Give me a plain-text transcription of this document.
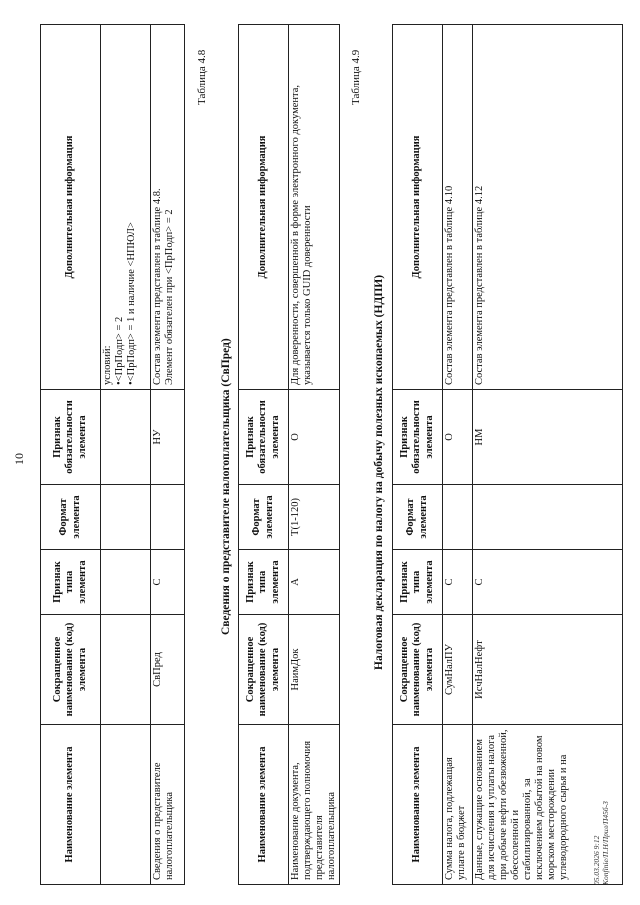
10
Наименование элемента	Сокращенное наименование (код) элемента	Признак типа элемента	Формат элемента	Признак обязательности элемента	Дополнительная информация

					условий: • <ПрПодп> = 2 • <ПрПодп> = 1 и наличие <НПЮЛ>

Сведения о представителе налогоплательщика	СвПред	С		НУ	Состав элемента представлен в таблице 4.8. Элемент обязателен при <ПрПодп> = 2
Таблица 4.8
Сведения о представителе налогоплательщика (СвПред)
Наименование элемента	Сокращенное наименование (код) элемента	Признак типа элемента	Формат элемента	Признак обязательности элемента	Дополнительная информация
Наименование документа, подтверждающего полномочия представителя налогоплательщика	НаимДок	А	T(1-120)	О	Для доверенности, совершенной в форме электронного документа, указывается только GUID доверенности
Таблица 4.9
Налоговая декларация по налогу на добычу полезных ископаемых (НДПИ)
Наименование элемента	Сокращенное наименование (код) элемента	Признак типа элемента	Формат элемента	Признак обязательности элемента	Дополнительная информация
Сумма налога, подлежащая уплате в бюджет	СумНалПУ	С		О	Состав элемента представлен в таблице 4.10
Данные, служащие основанием для исчисления и уплаты налога при добыче нефти обезвоженной, обессоленной и стабилизированной, за исключением добытой на новом морском месторождении углеводородного сырья и на	ИсчНалНефт	С		НМ	Состав элемента представлен в таблице 4.12
05.03.2026 9:12 Konfinie/П.Н/Прил/П45б-3
